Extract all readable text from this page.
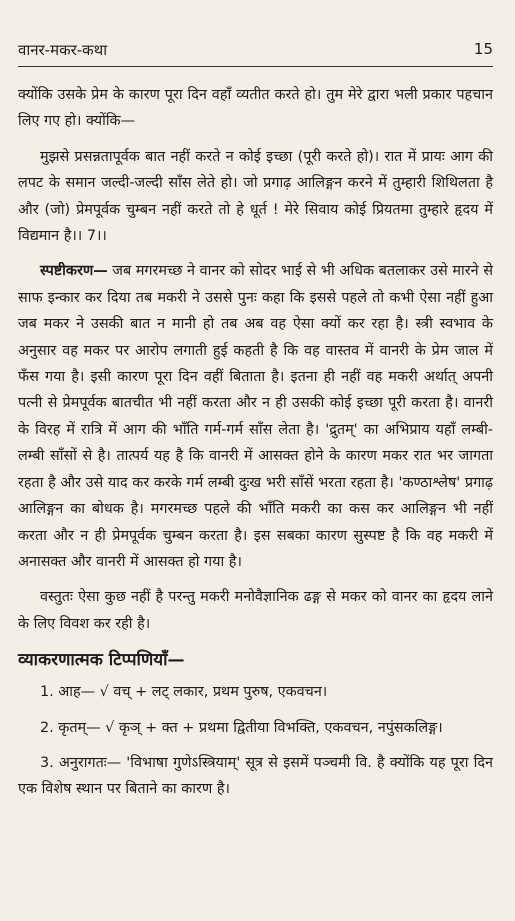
वानर-मकर-कथा	15

क्योंकि उसके प्रेम के कारण पूरा दिन वहाँ व्यतीत करते हो। तुम मेरे द्वारा भली प्रकार पहचान लिए गए हो। क्योंकि—

मुझसे प्रसन्नतापूर्वक बात नहीं करते न कोई इच्छा (पूरी करते हो)। रात में प्रायः आग की लपट के समान जल्दी-जल्दी साँस लेते हो। जो प्रगाढ़ आलिङ्गन करने में तुम्हारी शिथिलता है और (जो) प्रेमपूर्वक चुम्बन नहीं करते तो हे धूर्त ! मेरे सिवाय कोई प्रियतमा तुम्हारे हृदय में विद्यमान है।। 7।।

स्पष्टीकरण— जब मगरमच्छ ने वानर को सोदर भाई से भी अधिक बतलाकर उसे मारने से साफ इन्कार कर दिया तब मकरी ने उससे पुनः कहा कि इससे पहले तो कभी ऐसा नहीं हुआ जब मकर ने उसकी बात न मानी हो तब अब वह ऐसा क्यों कर रहा है। स्त्री स्वभाव के अनुसार वह मकर पर आरोप लगाती हुई कहती है कि वह वास्तव में वानरी के प्रेम जाल में फँस गया है। इसी कारण पूरा दिन वहीं बिताता है। इतना ही नहीं वह मकरी अर्थात् अपनी पत्नी से प्रेमपूर्वक बातचीत भी नहीं करता और न ही उसकी कोई इच्छा पूरी करता है। वानरी के विरह में रात्रि में आग की भाँति गर्म-गर्म साँस लेता है। 'द्रुतम्' का अभिप्राय यहाँ लम्बी-लम्बी साँसों से है। तात्पर्य यह है कि वानरी में आसक्त होने के कारण मकर रात भर जागता रहता है और उसे याद कर करके गर्म लम्बी दुःख भरी साँसें भरता रहता है। 'कण्ठाश्लेष' प्रगाढ़ आलिङ्गन का बोधक है। मगरमच्छ पहले की भाँति मकरी का कस कर आलिङ्गन भी नहीं करता और न ही प्रेमपूर्वक चुम्बन करता है। इस सबका कारण सुस्पष्ट है कि वह मकरी में अनासक्त और वानरी में आसक्त हो गया है।

वस्तुतः ऐसा कुछ नहीं है परन्तु मकरी मनोवैज्ञानिक ढङ्ग से मकर को वानर का हृदय लाने के लिए विवश कर रही है।

व्याकरणात्मक टिप्पणियाँ—

1. आह— √ वच् + लट् लकार, प्रथम पुरुष, एकवचन।

2. कृतम्— √ कृञ् + क्त + प्रथमा द्वितीया विभक्ति, एकवचन, नपुंसकलिङ्ग।

3. अनुरागतः— 'विभाषा गुणेऽस्त्रियाम्' सूत्र से इसमें पञ्चमी वि. है क्योंकि यह पूरा दिन एक विशेष स्थान पर बिताने का कारण है।
